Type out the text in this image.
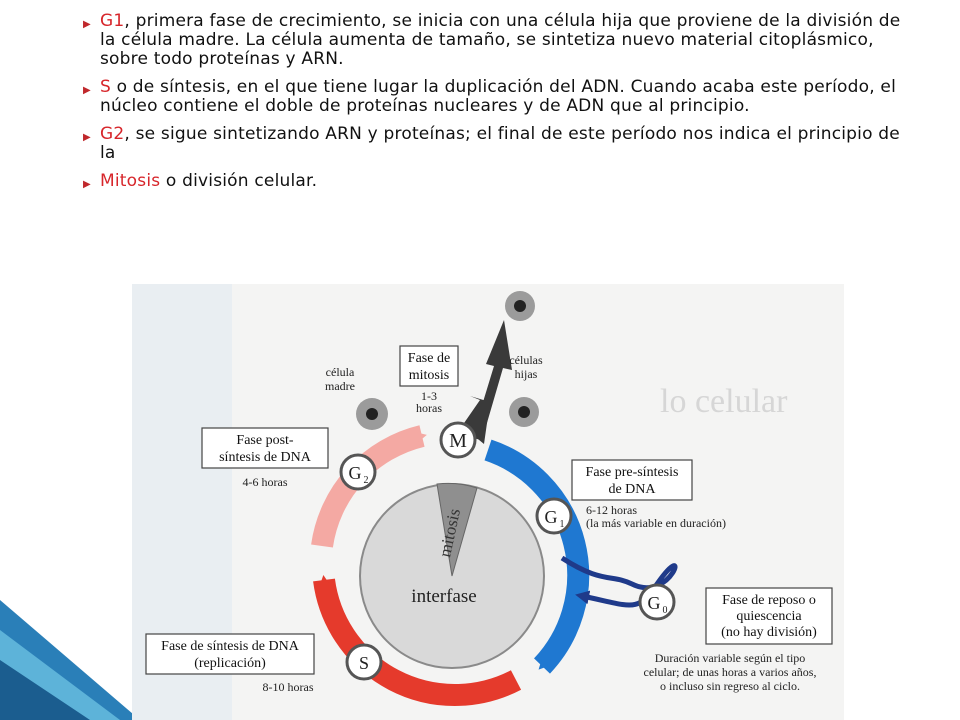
▶ G1, primera fase de crecimiento, se inicia con una célula hija que proviene de la división de la célula madre. La célula aumenta de tamaño, se sintetiza nuevo material citoplásmico, sobre todo proteínas y ARN.
▶ S o de síntesis, en el que tiene lugar la duplicación del ADN. Cuando acaba este período, el núcleo contiene el doble de proteínas nucleares y de ADN que al principio.
▶ G2, se sigue sintetizando ARN y proteínas; el final de este período nos indica el principio de la
▶ Mitosis o división celular.
lo celular
mitosis
interfase
M
G 1
G 2
S
G 0
Fase de
mitosis
1-3
horas
célula
madre
células
hijas
Fase post-
síntesis de DNA
4-6 horas
Fase pre-síntesis
de DNA
6-12 horas
(la más variable en duración)
Fase de síntesis de DNA
(replicación)
8-10 horas
Fase de reposo o
quiescencia
(no hay división)
Duración variable según el tipo
celular; de unas horas a varios años,
o incluso sin regreso al ciclo.
